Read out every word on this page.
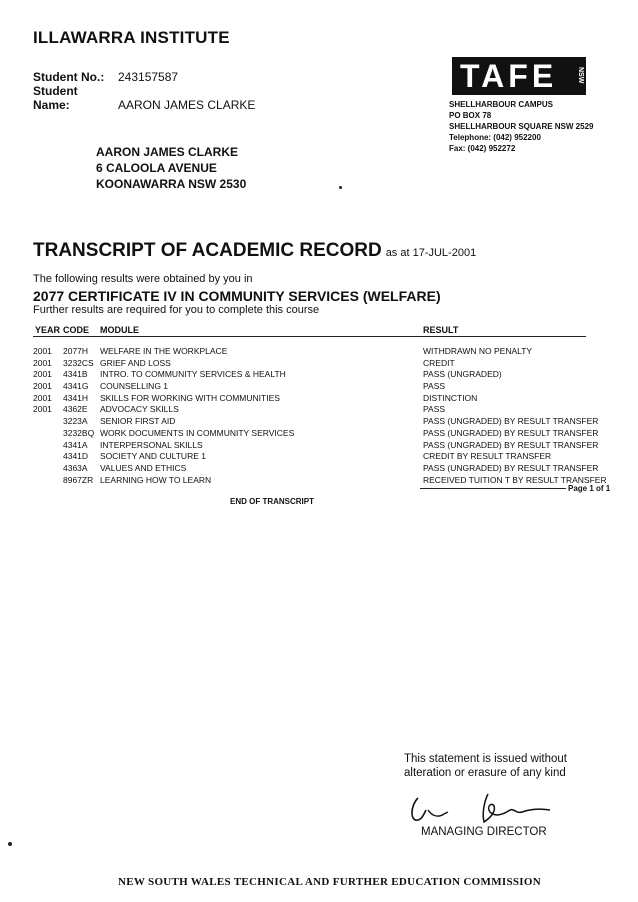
ILLAWARRA INSTITUTE
Student No.: 243157587
Student Name:	AARON JAMES CLARKE
TAFE	NSW
SHELLHARBOUR CAMPUS
PO BOX 78
SHELLHARBOUR SQUARE NSW 2529
Telephone: (042) 952200
Fax: (042) 952272
AARON JAMES CLARKE
6 CALOOLA AVENUE
KOONAWARRA NSW 2530
TRANSCRIPT OF ACADEMIC RECORD as at 17-JUL-2001
The following results were obtained by you in
2077 CERTIFICATE IV IN COMMUNITY SERVICES (WELFARE)
Further results are required for you to complete this course
YEAR CODE MODULE	RESULT
2001 2077H WELFARE IN THE WORKPLACE	WITHDRAWN NO PENALTY
2001 3232CS GRIEF AND LOSS	CREDIT
2001 4341B INTRO. TO COMMUNITY SERVICES & HEALTH	PASS (UNGRADED)
2001 4341G COUNSELLING 1	PASS
2001 4341H SKILLS FOR WORKING WITH COMMUNITIES	DISTINCTION
2001 4362E ADVOCACY SKILLS	PASS
3223A SENIOR FIRST AID	PASS (UNGRADED) BY RESULT TRANSFER
3232BQ WORK DOCUMENTS IN COMMUNITY SERVICES	PASS (UNGRADED) BY RESULT TRANSFER
4341A INTERPERSONAL SKILLS	PASS (UNGRADED) BY RESULT TRANSFER
4341D SOCIETY AND CULTURE 1	CREDIT BY RESULT TRANSFER
4363A VALUES AND ETHICS	PASS (UNGRADED) BY RESULT TRANSFER
8967ZR LEARNING HOW TO LEARN	RECEIVED TUITION T BY RESULT TRANSFER
Page 1 of 1
END OF TRANSCRIPT
This statement is issued without
alteration or erasure of any kind
MANAGING DIRECTOR
NEW SOUTH WALES TECHNICAL AND FURTHER EDUCATION COMMISSION
